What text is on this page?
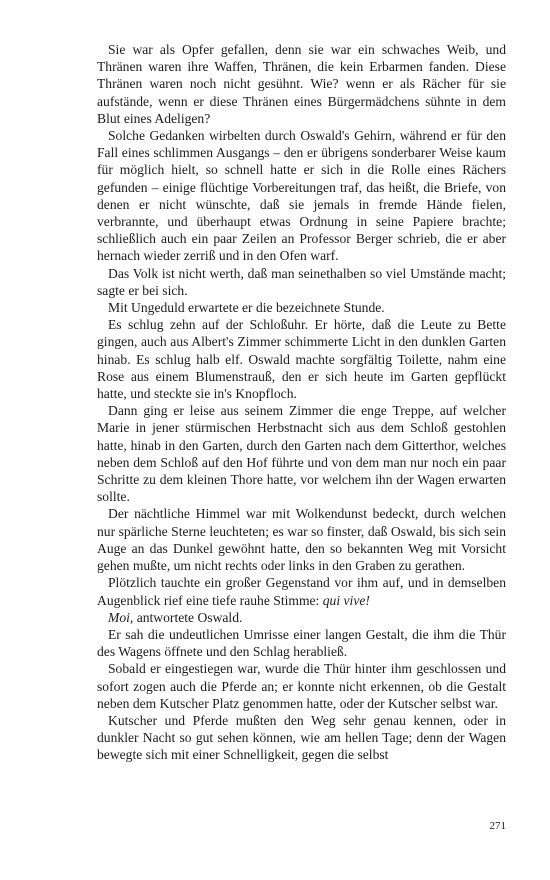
Sie war als Opfer gefallen, denn sie war ein schwaches Weib, und Thränen waren ihre Waffen, Thränen, die kein Erbarmen fanden. Diese Thränen waren noch nicht gesühnt. Wie? wenn er als Rächer für sie aufstände, wenn er diese Thränen eines Bürgermädchens sühnte in dem Blut eines Adeligen?

Solche Gedanken wirbelten durch Oswald's Gehirn, während er für den Fall eines schlimmen Ausgangs – den er übrigens sonderbarer Weise kaum für möglich hielt, so schnell hatte er sich in die Rolle eines Rächers gefunden – einige flüchtige Vorbereitungen traf, das heißt, die Briefe, von denen er nicht wünschte, daß sie jemals in fremde Hände fielen, verbrannte, und überhaupt etwas Ordnung in seine Papiere brachte; schließlich auch ein paar Zeilen an Professor Berger schrieb, die er aber hernach wieder zerriß und in den Ofen warf.

Das Volk ist nicht werth, daß man seinethalben so viel Umstände macht; sagte er bei sich.

Mit Ungeduld erwartete er die bezeichnete Stunde.

Es schlug zehn auf der Schloßuhr. Er hörte, daß die Leute zu Bette gingen, auch aus Albert's Zimmer schimmerte Licht in den dunklen Garten hinab. Es schlug halb elf. Oswald machte sorgfältig Toilette, nahm eine Rose aus einem Blumenstrauß, den er sich heute im Garten gepflückt hatte, und steckte sie in's Knopfloch.

Dann ging er leise aus seinem Zimmer die enge Treppe, auf welcher Marie in jener stürmischen Herbstnacht sich aus dem Schloß gestohlen hatte, hinab in den Garten, durch den Garten nach dem Gitterthor, welches neben dem Schloß auf den Hof führte und von dem man nur noch ein paar Schritte zu dem kleinen Thore hatte, vor welchem ihn der Wagen erwarten sollte.

Der nächtliche Himmel war mit Wolkendunst bedeckt, durch welchen nur spärliche Sterne leuchteten; es war so finster, daß Oswald, bis sich sein Auge an das Dunkel gewöhnt hatte, den so bekannten Weg mit Vorsicht gehen mußte, um nicht rechts oder links in den Graben zu gerathen.

Plötzlich tauchte ein großer Gegenstand vor ihm auf, und in demselben Augenblick rief eine tiefe rauhe Stimme: qui vive!

Moi, antwortete Oswald.

Er sah die undeutlichen Umrisse einer langen Gestalt, die ihm die Thür des Wagens öffnete und den Schlag herabließ.

Sobald er eingestiegen war, wurde die Thür hinter ihm geschlossen und sofort zogen auch die Pferde an; er konnte nicht erkennen, ob die Gestalt neben dem Kutscher Platz genommen hatte, oder der Kutscher selbst war.

Kutscher und Pferde mußten den Weg sehr genau kennen, oder in dunkler Nacht so gut sehen können, wie am hellen Tage; denn der Wagen bewegte sich mit einer Schnelligkeit, gegen die selbst

271
